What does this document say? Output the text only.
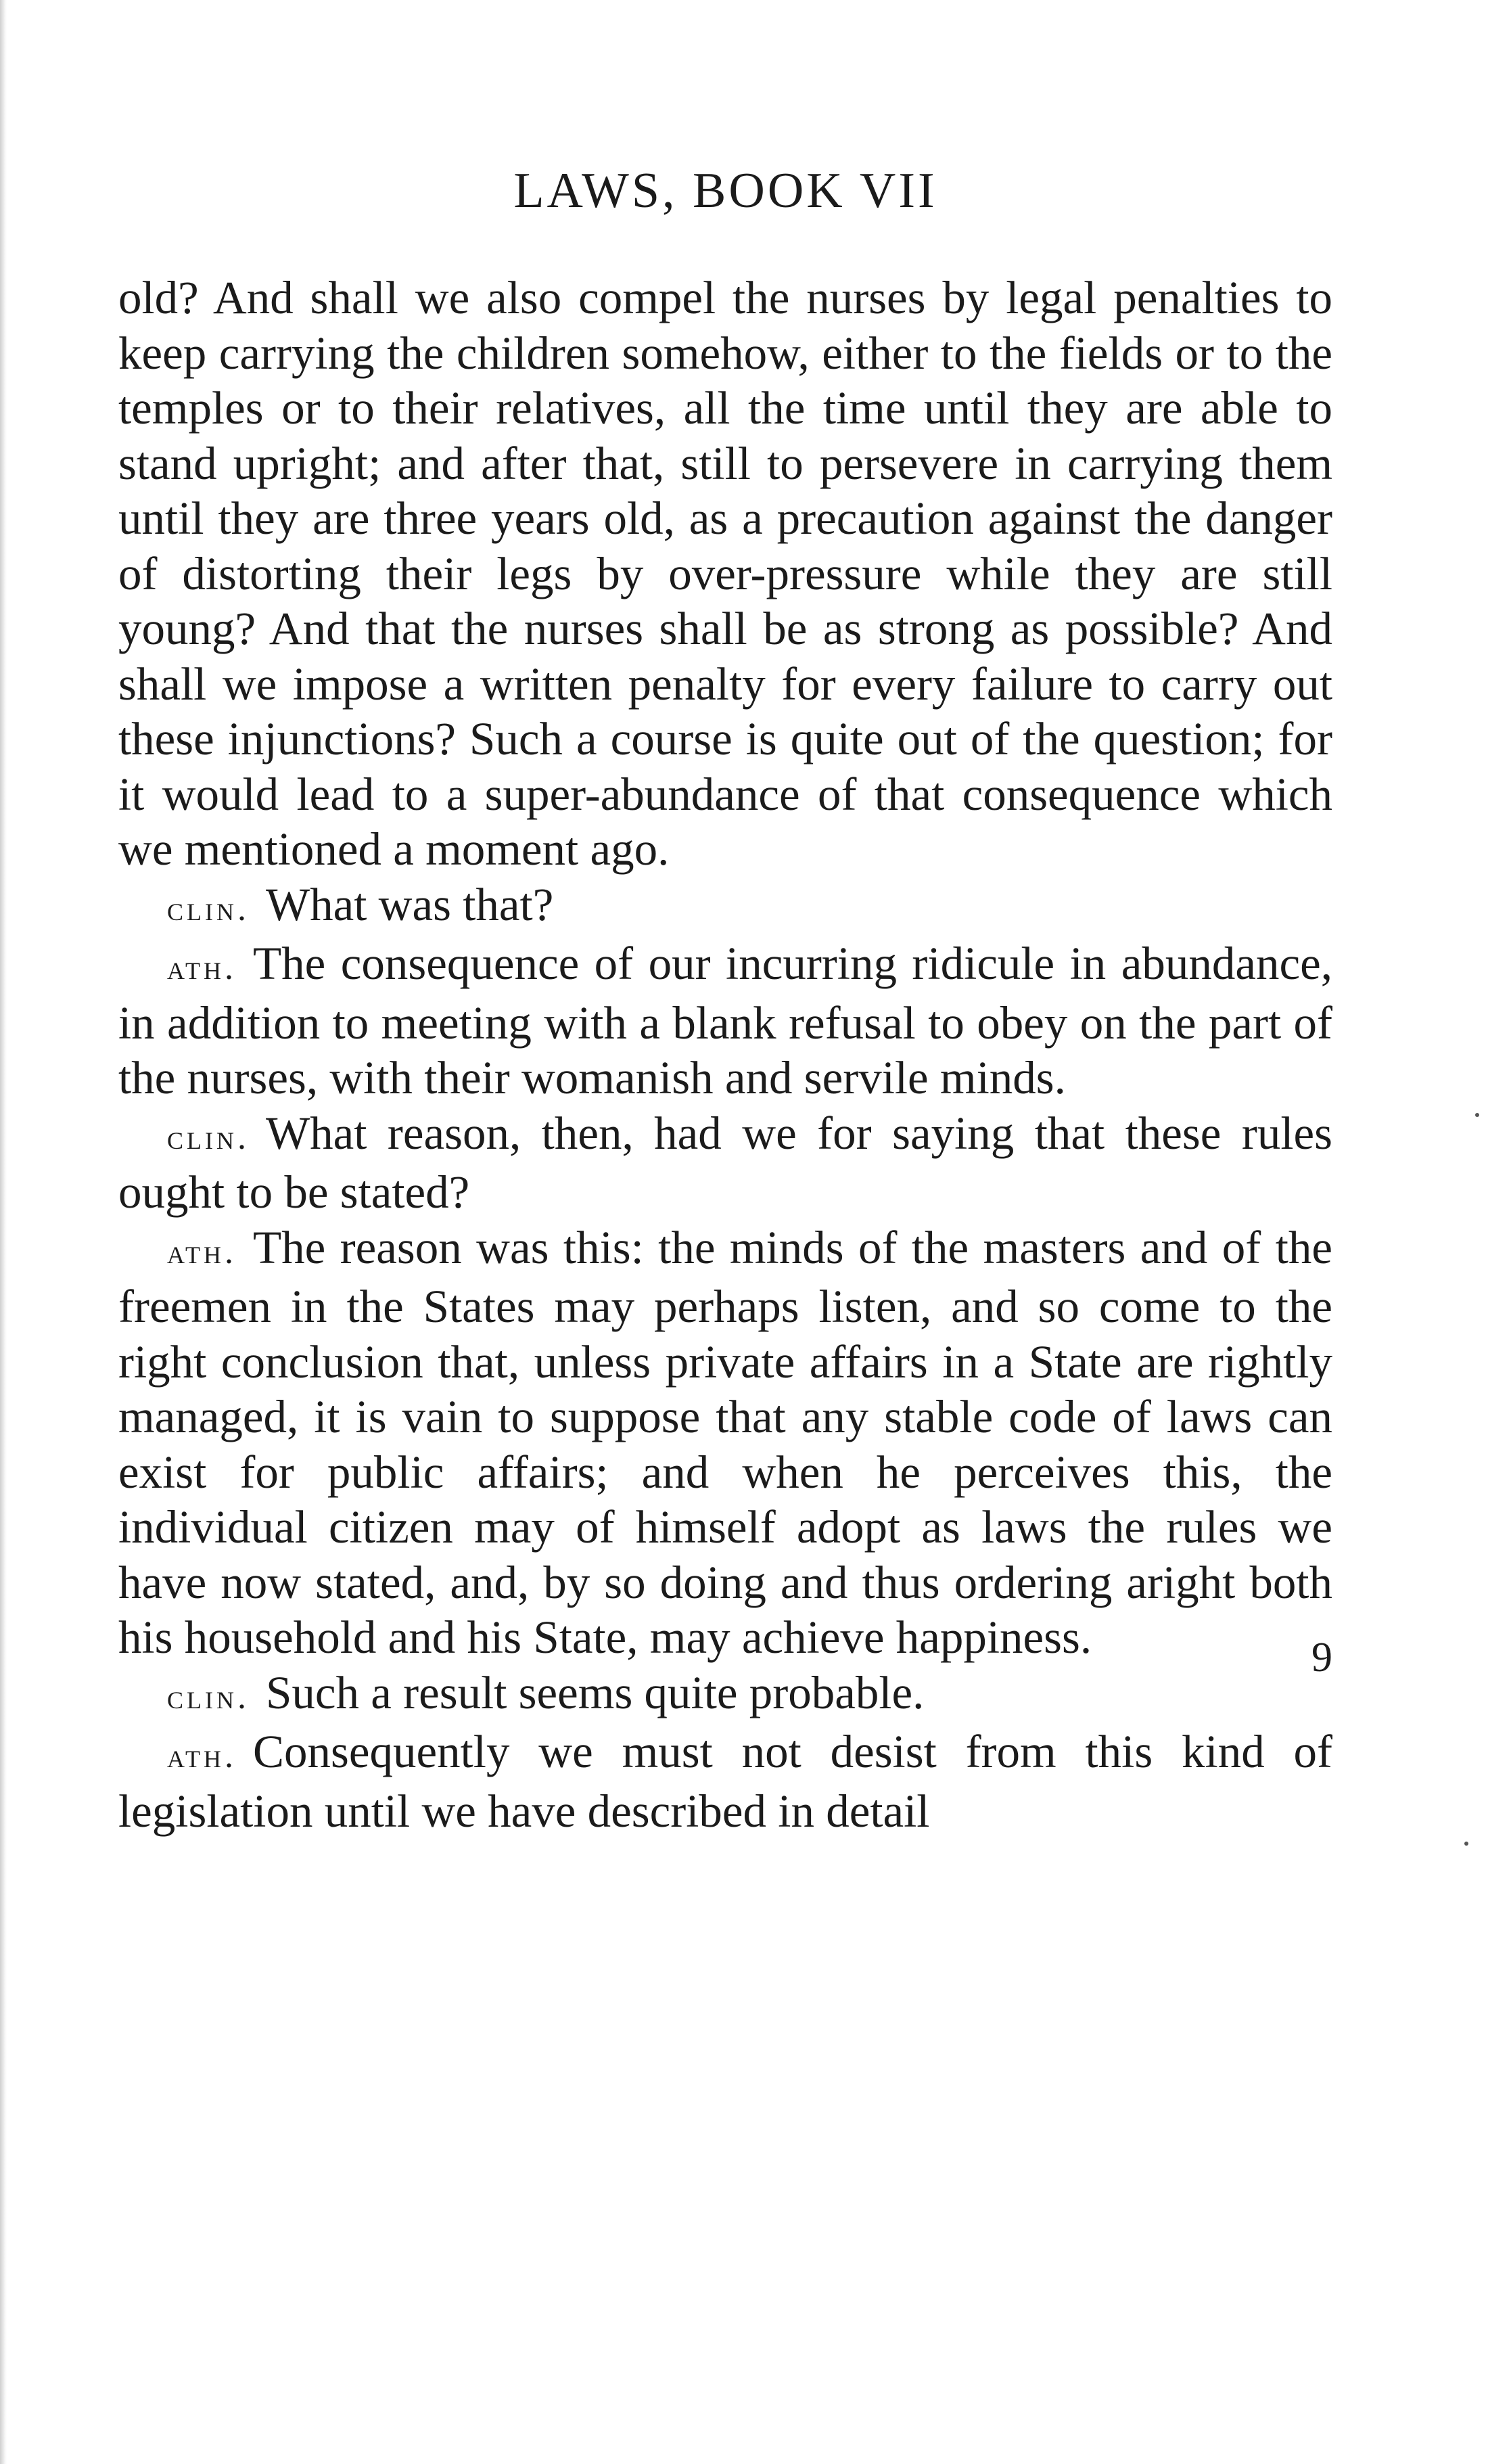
LAWS, BOOK VII

old? And shall we also compel the nurses by legal penalties to keep carrying the children somehow, either to the fields or to the temples or to their relatives, all the time until they are able to stand upright; and after that, still to persevere in carrying them until they are three years old, as a precaution against the danger of distorting their legs by over-pressure while they are still young? And that the nurses shall be as strong as possible? And shall we impose a written penalty for every failure to carry out these injunctions? Such a course is quite out of the question; for it would lead to a super-abundance of that consequence which we mentioned a moment ago.

clin. What was that?

ath. The consequence of our incurring ridicule in abundance, in addition to meeting with a blank refusal to obey on the part of the nurses, with their womanish and servile minds.

clin. What reason, then, had we for saying that these rules ought to be stated?

ath. The reason was this: the minds of the masters and of the freemen in the States may perhaps listen, and so come to the right conclusion that, unless private affairs in a State are rightly managed, it is vain to suppose that any stable code of laws can exist for public affairs; and when he perceives this, the individual citizen may of himself adopt as laws the rules we have now stated, and, by so doing and thus ordering aright both his household and his State, may achieve happiness.

clin. Such a result seems quite probable.

ath. Consequently we must not desist from this kind of legislation until we have described in detail

9
